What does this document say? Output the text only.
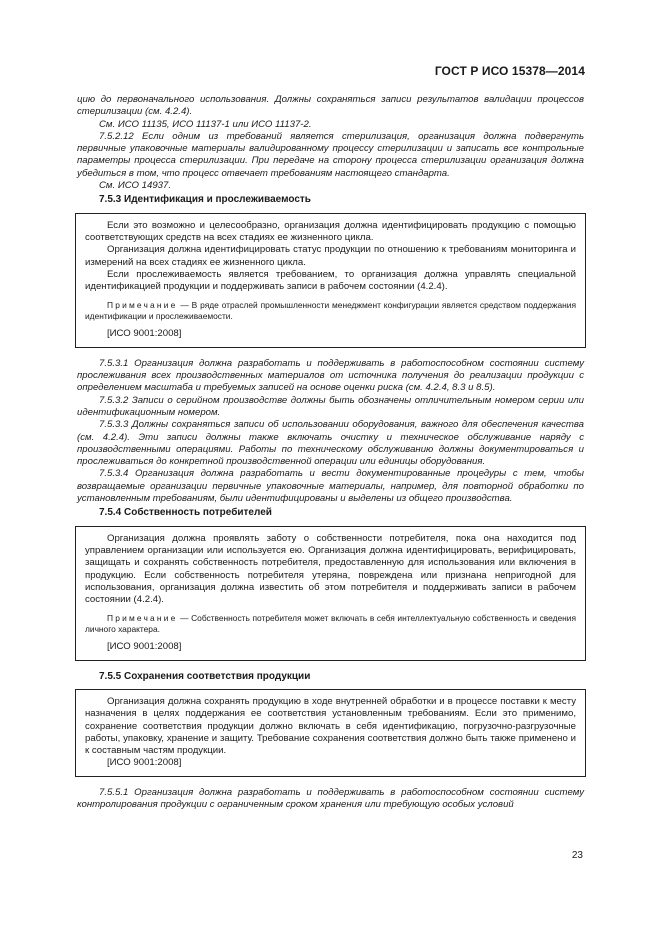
ГОСТ Р ИСО 15378—2014

цию до первоначального использования. Должны сохраняться записи результатов валидации процессов стерилизации (см. 4.2.4).

См. ИСО 11135, ИСО 11137-1 или ИСО 11137-2.

7.5.2.12 Если одним из требований является стерилизация, организация должна подвергнуть первичные упаковочные материалы валидированному процессу стерилизации и записать все контрольные параметры процесса стерилизации. При передаче на сторону процесса стерилизации организация должна убедиться в том, что процесс отвечает требованиям настоящего стандарта.

См. ИСО 14937.

7.5.3 Идентификация и прослеживаемость

Если это возможно и целесообразно, организация должна идентифицировать продукцию с помощью соответствующих средств на всех стадиях ее жизненного цикла.

Организация должна идентифицировать статус продукции по отношению к требованиям мониторинга и измерений на всех стадиях ее жизненного цикла.

Если прослеживаемость является требованием, то организация должна управлять специальной идентификацией продукции и поддерживать записи в рабочем состоянии (4.2.4).

Примечание — В ряде отраслей промышленности менеджмент конфигурации является средством поддержания идентификации и прослеживаемости.

[ИСО 9001:2008]

7.5.3.1 Организация должна разработать и поддерживать в работоспособном состоянии систему прослеживания всех производственных материалов от источника получения до реализации продукции с определением масштаба и требуемых записей на основе оценки риска (см. 4.2.4, 8.3 и 8.5).

7.5.3.2 Записи о серийном производстве должны быть обозначены отличительным номером серии или идентификационным номером.

7.5.3.3 Должны сохраняться записи об использовании оборудования, важного для обеспечения качества (см. 4.2.4). Эти записи должны также включать очистку и техническое обслуживание наряду с производственными операциями. Работы по техническому обслуживанию должны документироваться и прослеживаться до конкретной производственной операции или единицы оборудования.

7.5.3.4 Организация должна разработать и вести документированные процедуры с тем, чтобы возвращаемые организации первичные упаковочные материалы, например, для повторной обработки по установленным требованиям, были идентифицированы и выделены из общего производства.

7.5.4 Собственность потребителей

Организация должна проявлять заботу о собственности потребителя, пока она находится под управлением организации или используется ею. Организация должна идентифицировать, верифицировать, защищать и сохранять собственность потребителя, предоставленную для использования или включения в продукцию. Если собственность потребителя утеряна, повреждена или признана непригодной для использования, организация должна известить об этом потребителя и поддерживать записи в рабочем состоянии (4.2.4).

Примечание — Собственность потребителя может включать в себя интеллектуальную собственность и сведения личного характера.

[ИСО 9001:2008]

7.5.5 Сохранения соответствия продукции

Организация должна сохранять продукцию в ходе внутренней обработки и в процессе поставки к месту назначения в целях поддержания ее соответствия установленным требованиям. Если это применимо, сохранение соответствия продукции должно включать в себя идентификацию, погрузочно-разгрузочные работы, упаковку, хранение и защиту. Требование сохранения соответствия должно быть также применено и к составным частям продукции.

[ИСО 9001:2008]

7.5.5.1 Организация должна разработать и поддерживать в работоспособном состоянии систему контролирования продукции с ограниченным сроком хранения или требующую особых условий

23
